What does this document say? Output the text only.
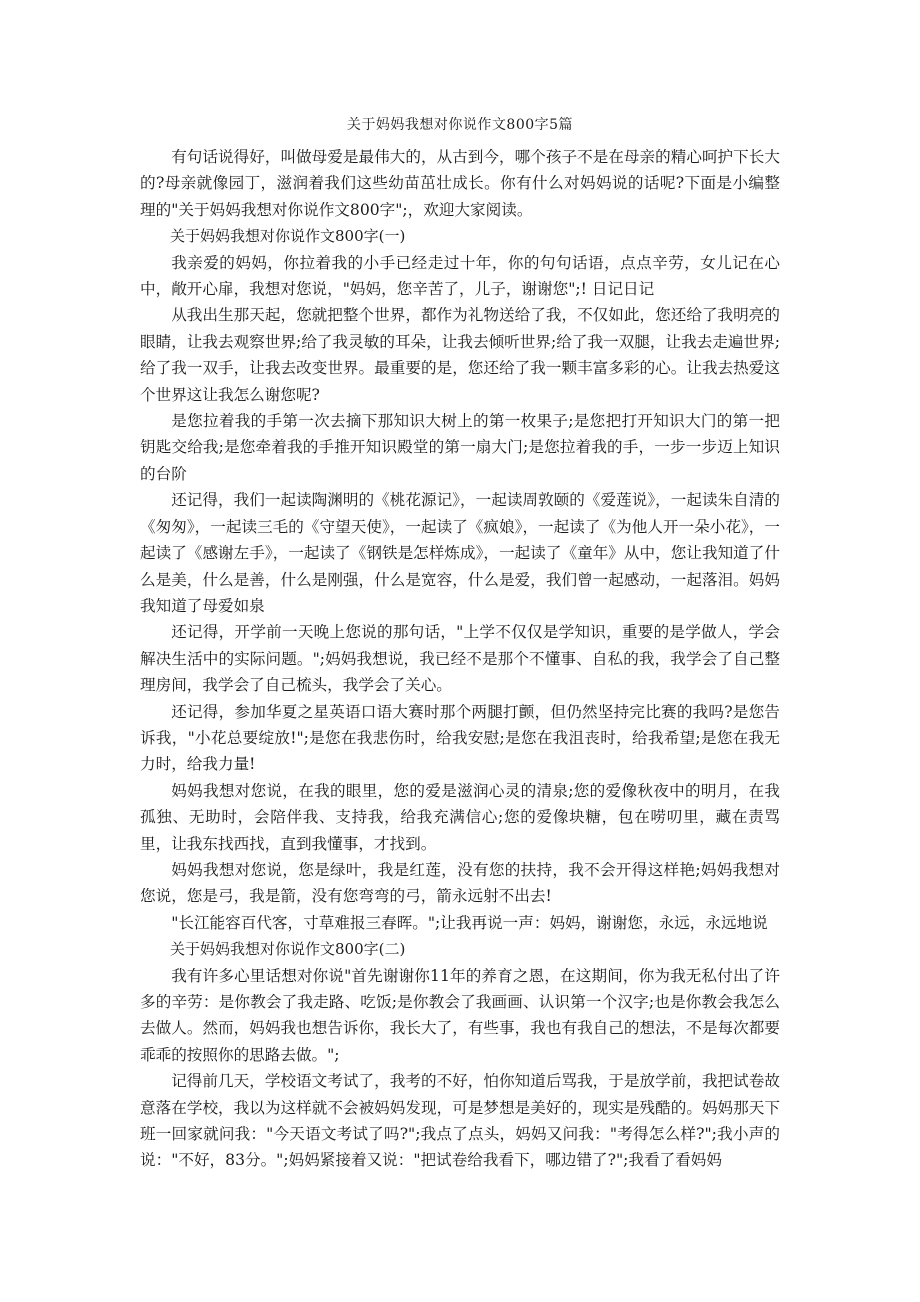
关于妈妈我想对你说作文800字5篇

有句话说得好，叫做母爱是最伟大的，从古到今，哪个孩子不是在母亲的精心呵护下长大的?母亲就像园丁，滋润着我们这些幼苗茁壮成长。你有什么对妈妈说的话呢?下面是小编整理的"关于妈妈我想对你说作文800字";，欢迎大家阅读。

关于妈妈我想对你说作文800字(一)

我亲爱的妈妈，你拉着我的小手已经走过十年，你的句句话语，点点辛劳，女儿记在心中，敞开心扉，我想对您说，"妈妈，您辛苦了，儿子，谢谢您";! 日记日记

从我出生那天起，您就把整个世界，都作为礼物送给了我，不仅如此，您还给了我明亮的眼睛，让我去观察世界;给了我灵敏的耳朵，让我去倾听世界;给了我一双腿，让我去走遍世界;给了我一双手，让我去改变世界。最重要的是，您还给了我一颗丰富多彩的心。让我去热爱这个世界这让我怎么谢您呢?

是您拉着我的手第一次去摘下那知识大树上的第一枚果子;是您把打开知识大门的第一把钥匙交给我;是您牵着我的手推开知识殿堂的第一扇大门;是您拉着我的手，一步一步迈上知识的台阶

还记得，我们一起读陶渊明的《桃花源记》，一起读周敦颐的《爱莲说》，一起读朱自清的《匆匆》，一起读三毛的《守望天使》，一起读了《疯娘》，一起读了《为他人开一朵小花》，一起读了《感谢左手》，一起读了《钢铁是怎样炼成》，一起读了《童年》从中，您让我知道了什么是美，什么是善，什么是刚强，什么是宽容，什么是爱，我们曾一起感动，一起落泪。妈妈我知道了母爱如泉

还记得，开学前一天晚上您说的那句话，"上学不仅仅是学知识，重要的是学做人，学会解决生活中的实际问题。";妈妈我想说，我已经不是那个不懂事、自私的我，我学会了自己整理房间，我学会了自己梳头，我学会了关心。

还记得，参加华夏之星英语口语大赛时那个两腿打颤，但仍然坚持完比赛的我吗?是您告诉我，"小花总要绽放!";是您在我悲伤时，给我安慰;是您在我沮丧时，给我希望;是您在我无力时，给我力量!

妈妈我想对您说，在我的眼里，您的爱是滋润心灵的清泉;您的爱像秋夜中的明月，在我孤独、无助时，会陪伴我、支持我，给我充满信心;您的爱像块糖，包在唠叨里，藏在责骂里，让我东找西找，直到我懂事，才找到。

妈妈我想对您说，您是绿叶，我是红莲，没有您的扶持，我不会开得这样艳;妈妈我想对您说，您是弓，我是箭，没有您弯弯的弓，箭永远射不出去!

"长江能容百代客，寸草难报三春晖。";让我再说一声：妈妈，谢谢您，永远，永远地说

关于妈妈我想对你说作文800字(二)

我有许多心里话想对你说"首先谢谢你11年的养育之恩，在这期间，你为我无私付出了许多的辛劳：是你教会了我走路、吃饭;是你教会了我画画、认识第一个汉字;也是你教会我怎么去做人。然而，妈妈我也想告诉你，我长大了，有些事，我也有我自己的想法，不是每次都要乖乖的按照你的思路去做。";

记得前几天，学校语文考试了，我考的不好，怕你知道后骂我，于是放学前，我把试卷故意落在学校，我以为这样就不会被妈妈发现，可是梦想是美好的，现实是残酷的。妈妈那天下班一回家就问我："今天语文考试了吗?";我点了点头，妈妈又问我："考得怎么样?";我小声的说："不好，83分。";妈妈紧接着又说："把试卷给我看下，哪边错了?";我看了看妈妈
